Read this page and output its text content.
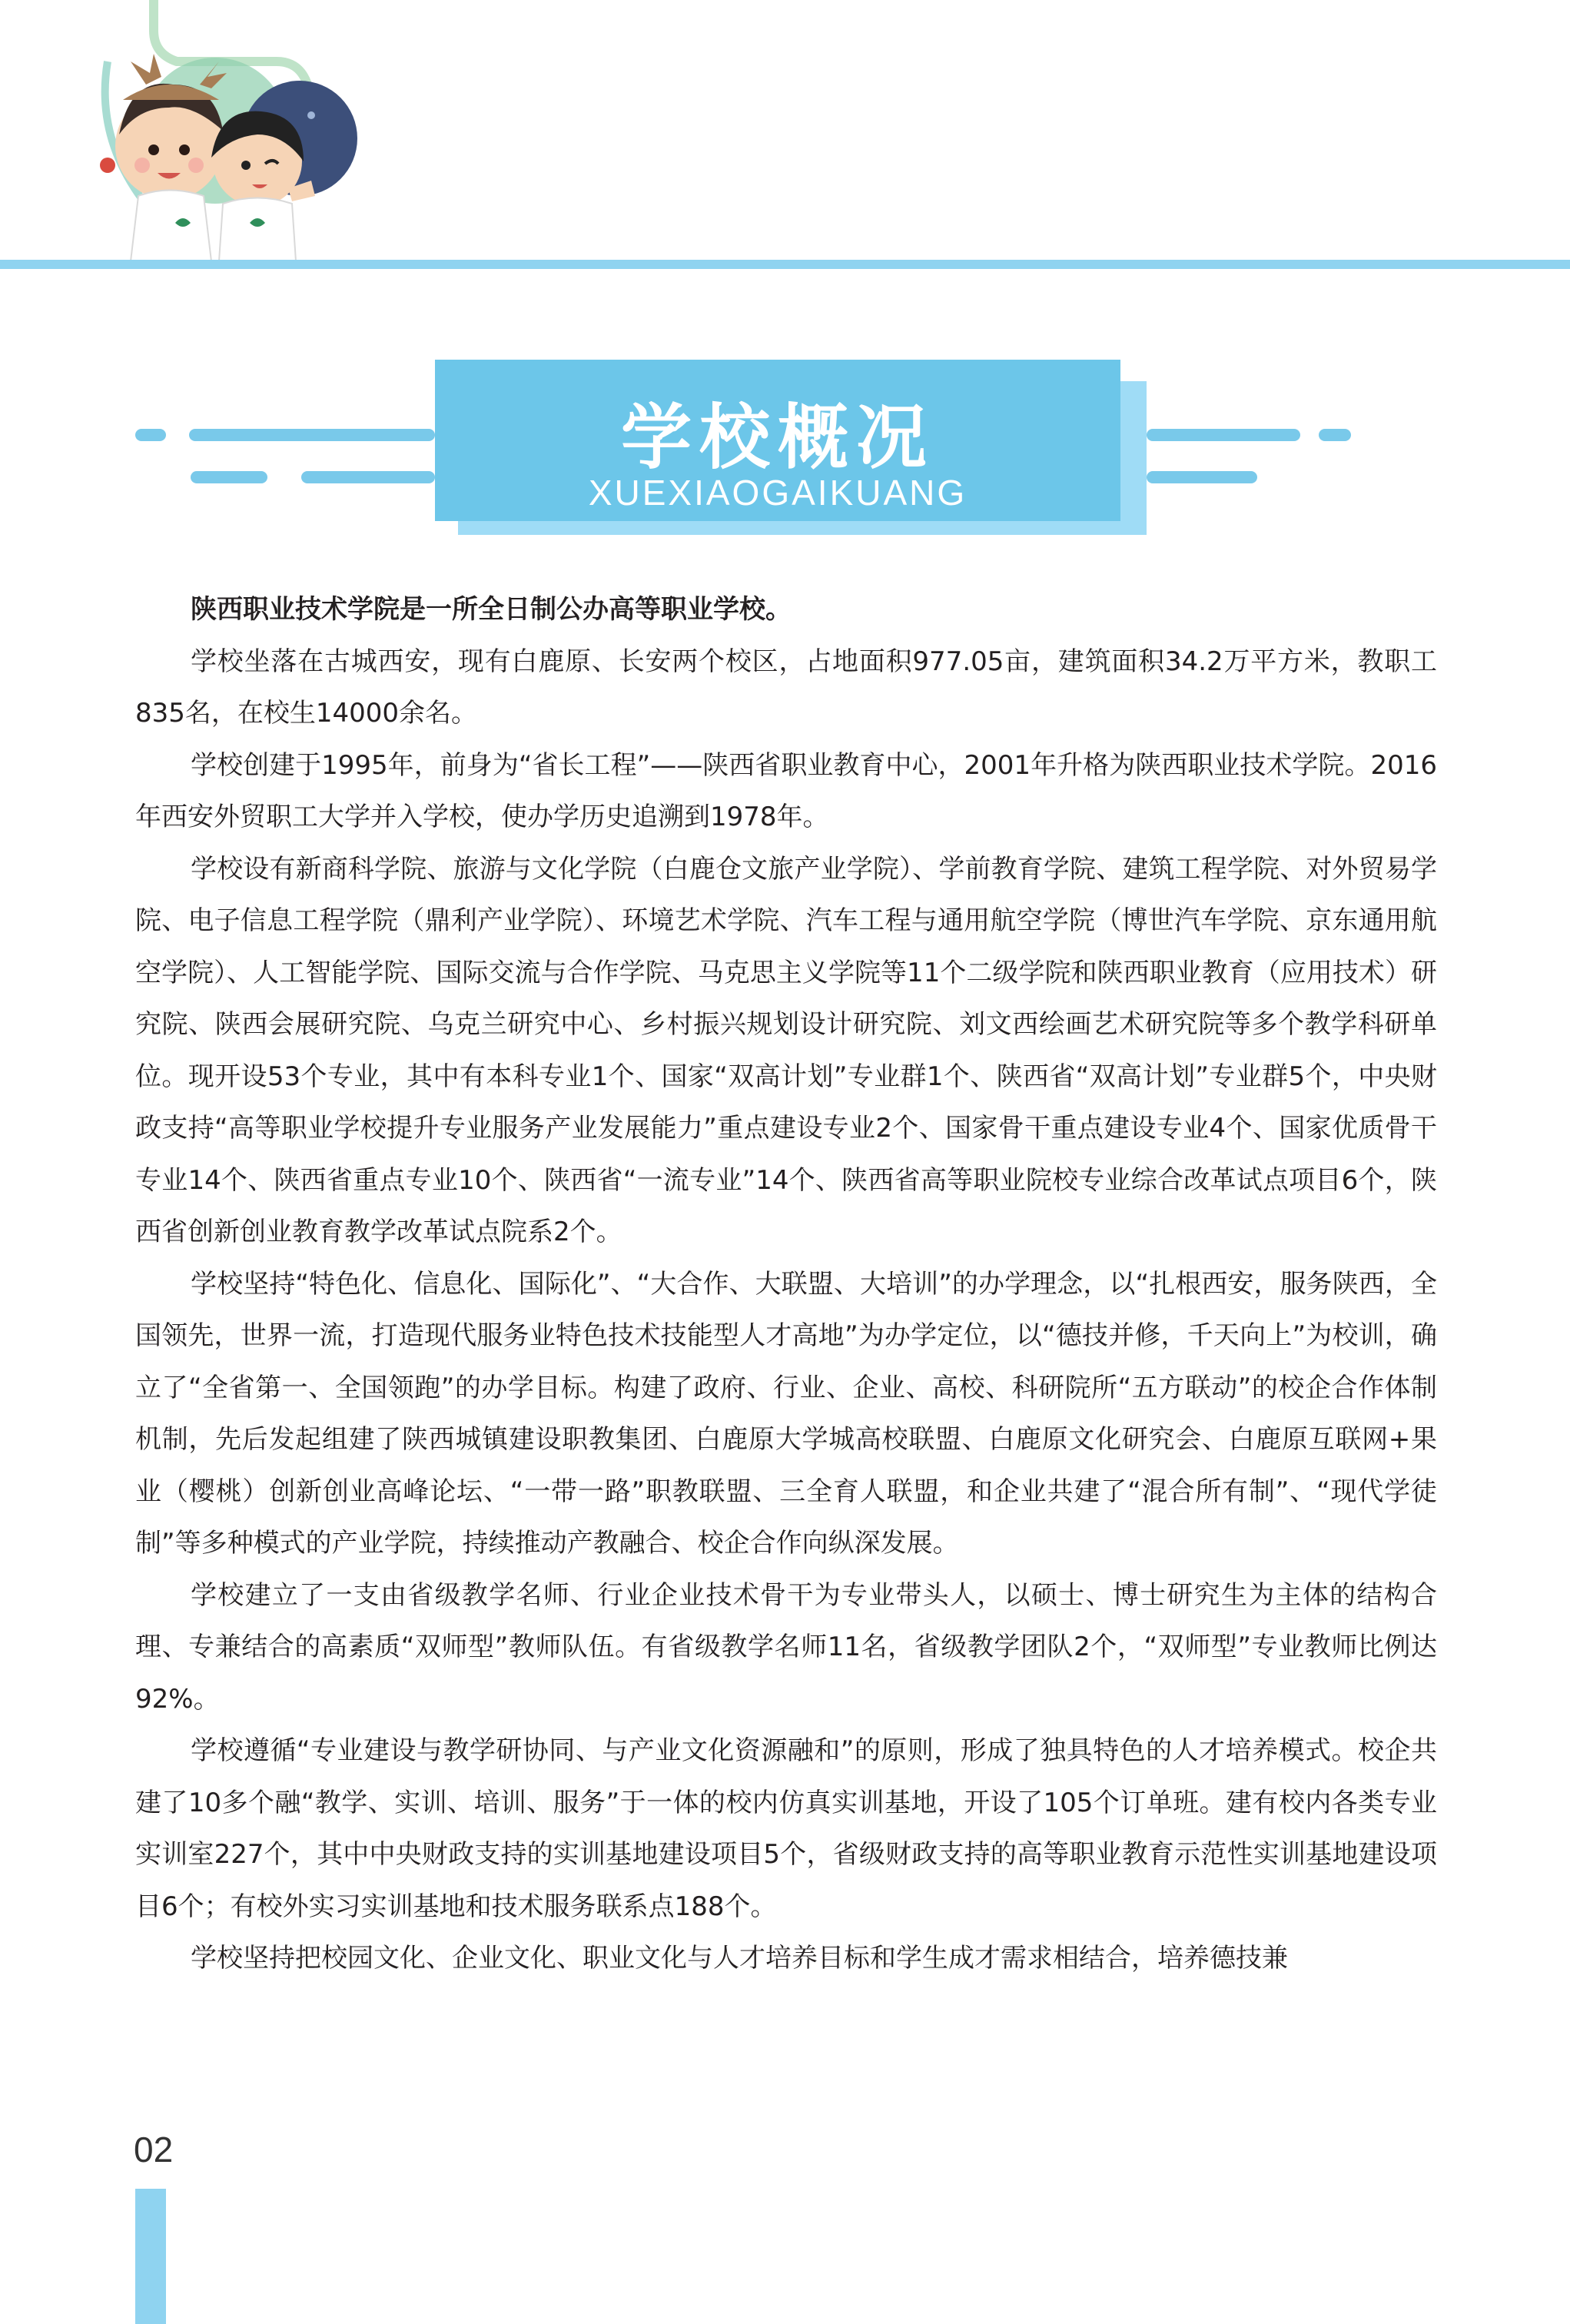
学校概况
XUEXIAOGAIKUANG

陕西职业技术学院是一所全日制公办高等职业学校。

学校坐落在古城西安，现有白鹿原、长安两个校区，占地面积977.05亩，建筑面积34.2万平方米，教职工835名，在校生14000余名。

学校创建于1995年，前身为“省长工程”——陕西省职业教育中心，2001年升格为陕西职业技术学院。2016年西安外贸职工大学并入学校，使办学历史追溯到1978年。

学校设有新商科学院、旅游与文化学院（白鹿仓文旅产业学院）、学前教育学院、建筑工程学院、对外贸易学院、电子信息工程学院（鼎利产业学院）、环境艺术学院、汽车工程与通用航空学院（博世汽车学院、京东通用航空学院）、人工智能学院、国际交流与合作学院、马克思主义学院等11个二级学院和陕西职业教育（应用技术）研究院、陕西会展研究院、乌克兰研究中心、乡村振兴规划设计研究院、刘文西绘画艺术研究院等多个教学科研单位。现开设53个专业，其中有本科专业1个、国家“双高计划”专业群1个、陕西省“双高计划”专业群5个，中央财政支持“高等职业学校提升专业服务产业发展能力”重点建设专业2个、国家骨干重点建设专业4个、国家优质骨干专业14个、陕西省重点专业10个、陕西省“一流专业”14个、陕西省高等职业院校专业综合改革试点项目6个，陕西省创新创业教育教学改革试点院系2个。

学校坚持“特色化、信息化、国际化”、“大合作、大联盟、大培训”的办学理念，以“扎根西安，服务陕西，全国领先，世界一流，打造现代服务业特色技术技能型人才高地”为办学定位，以“德技并修，千天向上”为校训，确立了“全省第一、全国领跑”的办学目标。构建了政府、行业、企业、高校、科研院所“五方联动”的校企合作体制机制，先后发起组建了陕西城镇建设职教集团、白鹿原大学城高校联盟、白鹿原文化研究会、白鹿原互联网+果业（樱桃）创新创业高峰论坛、“一带一路”职教联盟、三全育人联盟，和企业共建了“混合所有制”、“现代学徒制”等多种模式的产业学院，持续推动产教融合、校企合作向纵深发展。

学校建立了一支由省级教学名师、行业企业技术骨干为专业带头人，以硕士、博士研究生为主体的结构合理、专兼结合的高素质“双师型”教师队伍。有省级教学名师11名，省级教学团队2个，“双师型”专业教师比例达92%。

学校遵循“专业建设与教学研协同、与产业文化资源融和”的原则，形成了独具特色的人才培养模式。校企共建了10多个融“教学、实训、培训、服务”于一体的校内仿真实训基地，开设了105个订单班。建有校内各类专业实训室227个，其中中央财政支持的实训基地建设项目5个，省级财政支持的高等职业教育示范性实训基地建设项目6个；有校外实习实训基地和技术服务联系点188个。

学校坚持把校园文化、企业文化、职业文化与人才培养目标和学生成才需求相结合，培养德技兼

02
